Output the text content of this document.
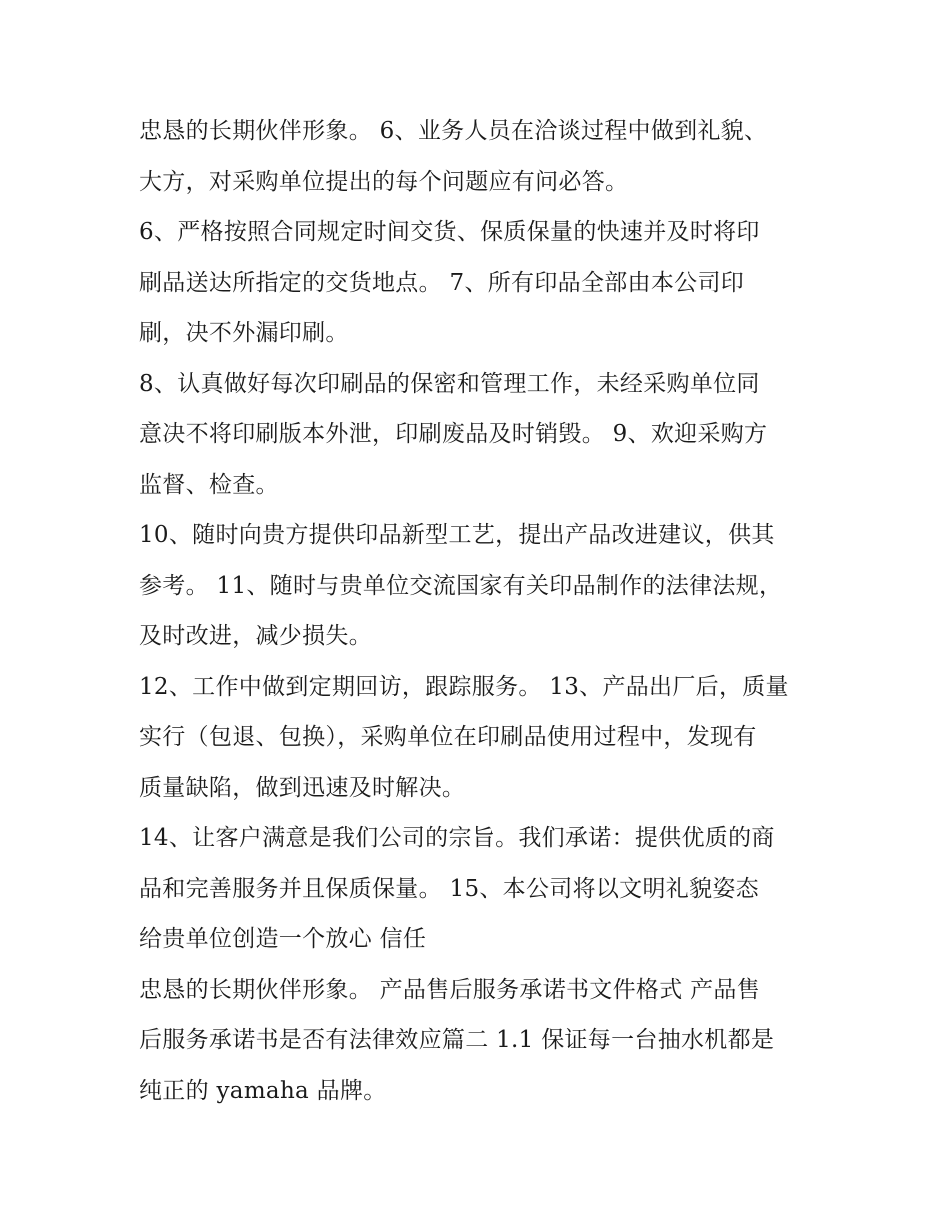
忠恳的长期伙伴形象。 6、业务人员在洽谈过程中做到礼貌、
大方，对采购单位提出的每个问题应有问必答。
6、严格按照合同规定时间交货、保质保量的快速并及时将印
刷品送达所指定的交货地点。 7、所有印品全部由本公司印
刷，决不外漏印刷。
8、认真做好每次印刷品的保密和管理工作，未经采购单位同
意决不将印刷版本外泄，印刷废品及时销毁。 9、欢迎采购方
监督、检查。
10、随时向贵方提供印品新型工艺，提出产品改进建议，供其
参考。 11、随时与贵单位交流国家有关印品制作的法律法规，
及时改进，减少损失。
12、工作中做到定期回访，跟踪服务。 13、产品出厂后，质量
实行（包退、包换），采购单位在印刷品使用过程中，发现有
质量缺陷，做到迅速及时解决。
14、让客户满意是我们公司的宗旨。我们承诺：提供优质的商
品和完善服务并且保质保量。 15、本公司将以文明礼貌姿态
给贵单位创造一个放心 信任
忠恳的长期伙伴形象。 产品售后服务承诺书文件格式 产品售
后服务承诺书是否有法律效应篇二 1.1 保证每一台抽水机都是
纯正的 yamaha 品牌。
